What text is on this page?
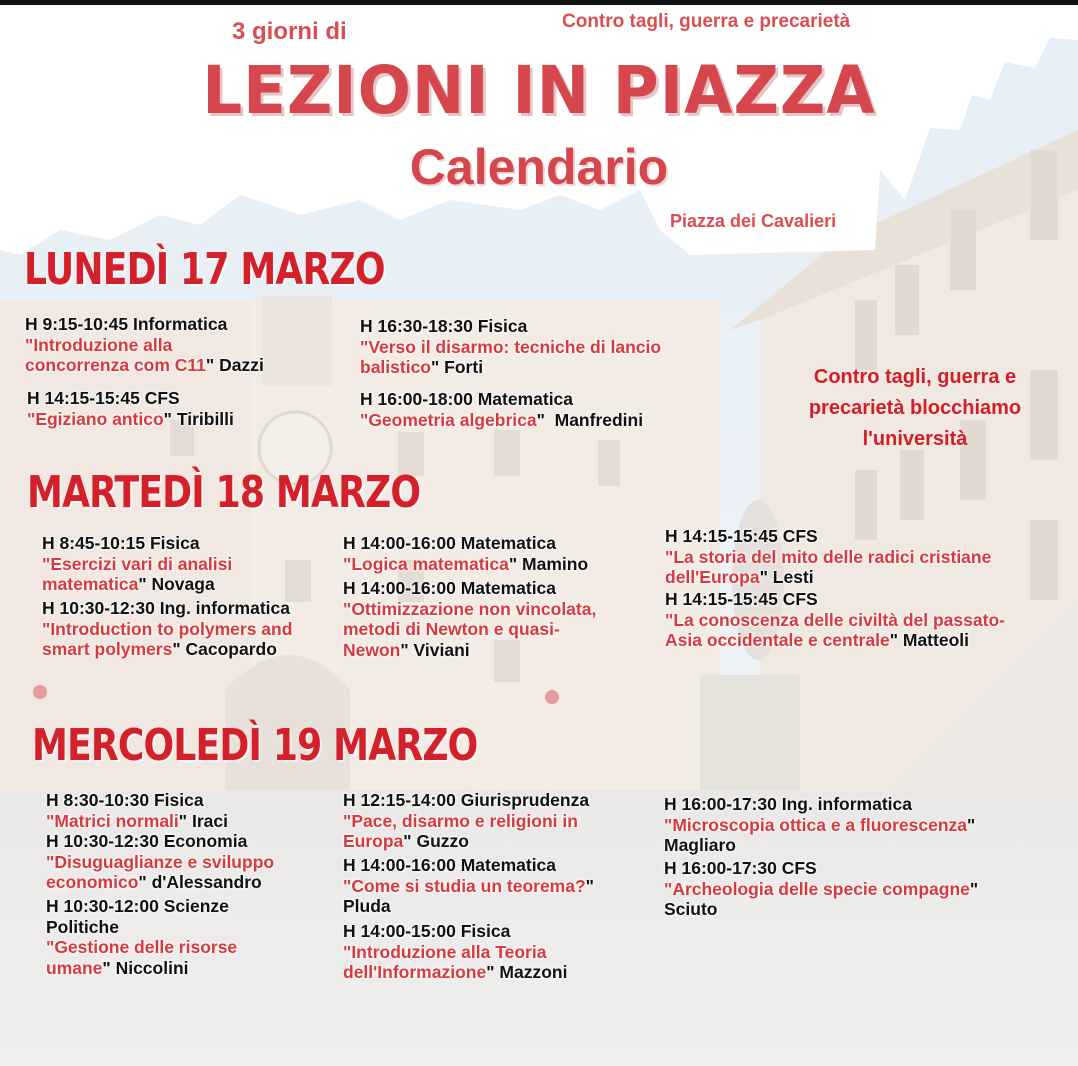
3 giorni di	Contro tagli, guerra e precarietà
LEZIONI IN PIAZZA
Calendario
Piazza dei Cavalieri
Contro tagli, guerra e
precarietà blocchiamo
l'università
LUNEDÌ 17 MARZO
H 9:15-10:45 Informatica
"Introduzione alla
concorrenza com C11" Dazzi
H 14:15-15:45 CFS
"Egiziano antico" Tiribilli
H 16:30-18:30 Fisica
"Verso il disarmo: tecniche di lancio
balistico" Forti
H 16:00-18:00 Matematica
"Geometria algebrica"  Manfredini
MARTEDÌ 18 MARZO
H 8:45-10:15 Fisica
"Esercizi vari di analisi
matematica" Novaga
H 10:30-12:30 Ing. informatica
"Introduction to polymers and
smart polymers" Cacopardo
H 14:00-16:00 Matematica
"Logica matematica" Mamino
H 14:00-16:00 Matematica
"Ottimizzazione non vincolata,
metodi di Newton e quasi-
Newon" Viviani
H 14:15-15:45 CFS
"La storia del mito delle radici cristiane
dell'Europa" Lesti
H 14:15-15:45 CFS
"La conoscenza delle civiltà del passato-
Asia occidentale e centrale" Matteoli
MERCOLEDÌ 19 MARZO
H 8:30-10:30 Fisica
"Matrici normali" Iraci
H 10:30-12:30 Economia
"Disuguaglianze e sviluppo
economico" d'Alessandro
H 10:30-12:00 Scienze
Politiche
"Gestione delle risorse
umane" Niccolini
H 12:15-14:00 Giurisprudenza
"Pace, disarmo e religioni in
Europa" Guzzo
H 14:00-16:00 Matematica
"Come si studia un teorema?"
Pluda
H 14:00-15:00 Fisica
"Introduzione alla Teoria
dell'Informazione" Mazzoni
H 16:00-17:30 Ing. informatica
"Microscopia ottica e a fluorescenza"
Magliaro
H 16:00-17:30 CFS
"Archeologia delle specie compagne"
Sciuto
